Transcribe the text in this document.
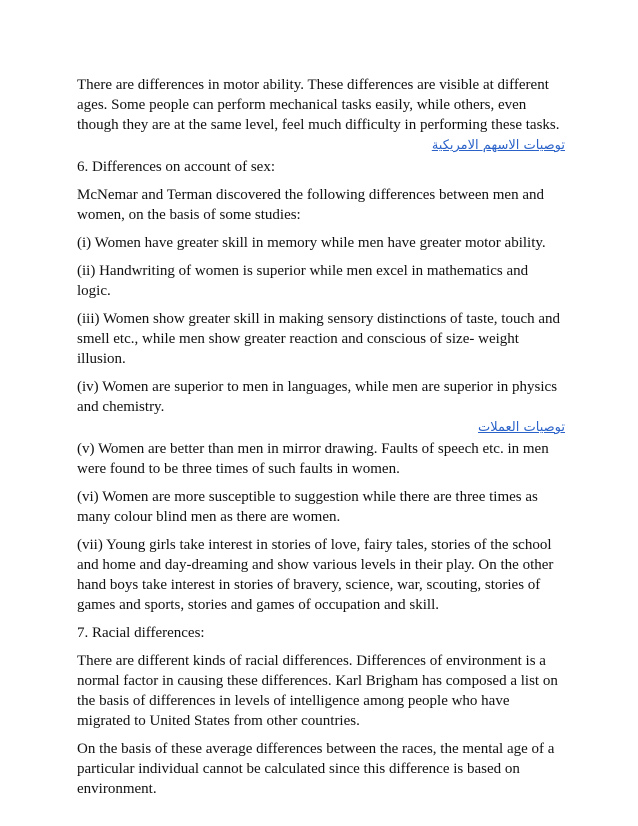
There are differences in motor ability. These differences are visible at different ages. Some people can perform mechanical tasks easily, while others, even though they are at the same level, feel much difficulty in performing these tasks.

توصيات الاسهم الامريكية

6. Differences on account of sex:

McNemar and Terman discovered the following differences between men and women, on the basis of some studies:

(i) Women have greater skill in memory while men have greater motor ability.

(ii) Handwriting of women is superior while men excel in mathematics and logic.

(iii) Women show greater skill in making sensory distinctions of taste, touch and smell etc., while men show greater reaction and conscious of size- weight illusion.

(iv) Women are superior to men in languages, while men are superior in physics and chemistry.

توصيات العملات

(v) Women are better than men in mirror drawing. Faults of speech etc. in men were found to be three times of such faults in women.

(vi) Women are more susceptible to suggestion while there are three times as many colour blind men as there are women.

(vii) Young girls take interest in stories of love, fairy tales, stories of the school and home and day-dreaming and show various levels in their play. On the other hand boys take interest in stories of bravery, science, war, scouting, stories of games and sports, stories and games of occupation and skill.

7. Racial differences:

There are different kinds of racial differences. Differences of environment is a normal factor in causing these differences. Karl Brigham has composed a list on the basis of differences in levels of intelligence among people who have migrated to United States from other countries.

On the basis of these average differences between the races, the mental age of a particular individual cannot be calculated since this difference is based on environment.
